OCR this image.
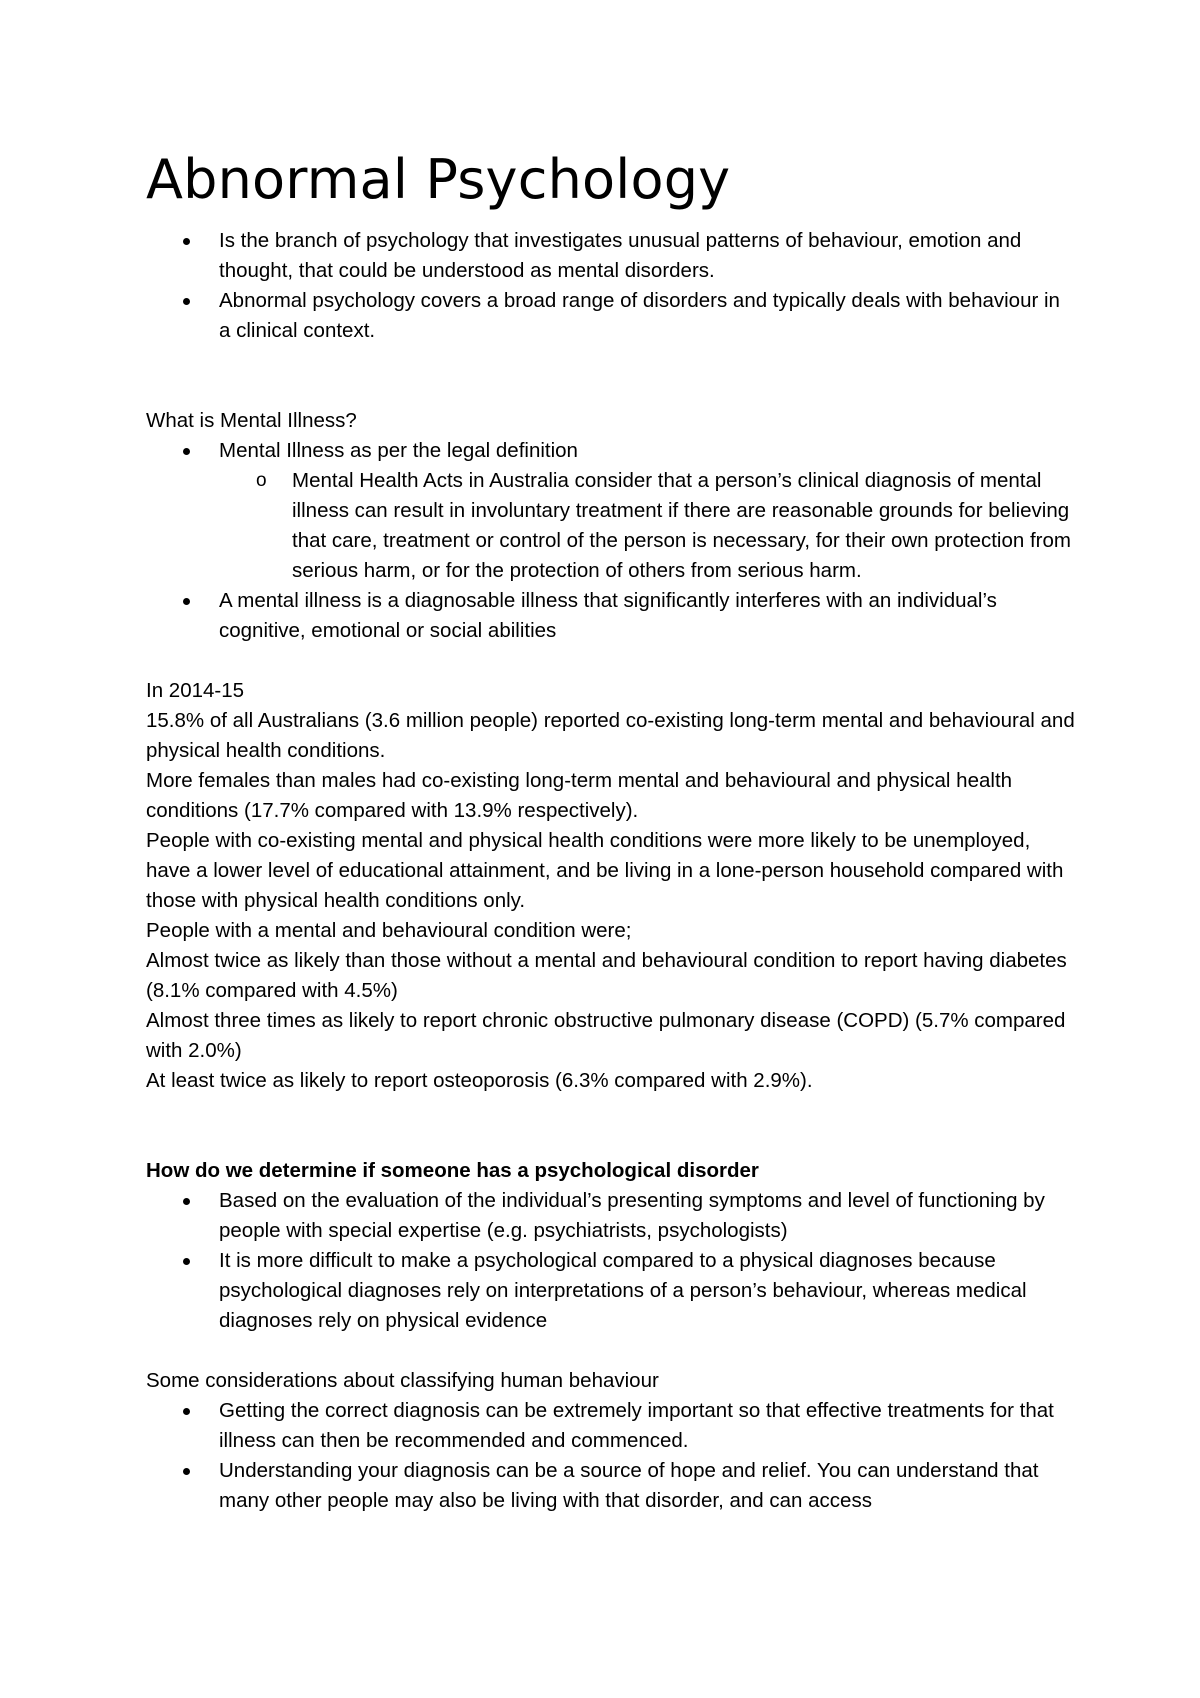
Abnormal Psychology
Is the branch of psychology that investigates unusual patterns of behaviour, emotion and thought, that could be understood as mental disorders.
Abnormal psychology covers a broad range of disorders and typically deals with behaviour in a clinical context.

What is Mental Illness?

Mental Illness as per the legal definition
o Mental Health Acts in Australia consider that a person’s clinical diagnosis of mental illness can result in involuntary treatment if there are reasonable grounds for believing that care, treatment or control of the person is necessary, for their own protection from serious harm, or for the protection of others from serious harm.
A mental illness is a diagnosable illness that significantly interferes with an individual’s cognitive, emotional or social abilities

In 2014-15

15.8% of all Australians (3.6 million people) reported co-existing long-term mental and behavioural and physical health conditions.

More females than males had co-existing long-term mental and behavioural and physical health conditions (17.7% compared with 13.9% respectively).

People with co-existing mental and physical health conditions were more likely to be unemployed, have a lower level of educational attainment, and be living in a lone-person household compared with those with physical health conditions only.

People with a mental and behavioural condition were;

Almost twice as likely than those without a mental and behavioural condition to report having diabetes (8.1% compared with 4.5%)

Almost three times as likely to report chronic obstructive pulmonary disease (COPD) (5.7% compared with 2.0%)

At least twice as likely to report osteoporosis (6.3% compared with 2.9%).

How do we determine if someone has a psychological disorder

Based on the evaluation of the individual’s presenting symptoms and level of functioning by people with special expertise (e.g. psychiatrists, psychologists)
It is more difficult to make a psychological compared to a physical diagnoses because psychological diagnoses rely on interpretations of a person’s behaviour, whereas medical diagnoses rely on physical evidence

Some considerations about classifying human behaviour

Getting the correct diagnosis can be extremely important so that effective treatments for that illness can then be recommended and commenced.
Understanding your diagnosis can be a source of hope and relief. You can understand that many other people may also be living with that disorder, and can access
